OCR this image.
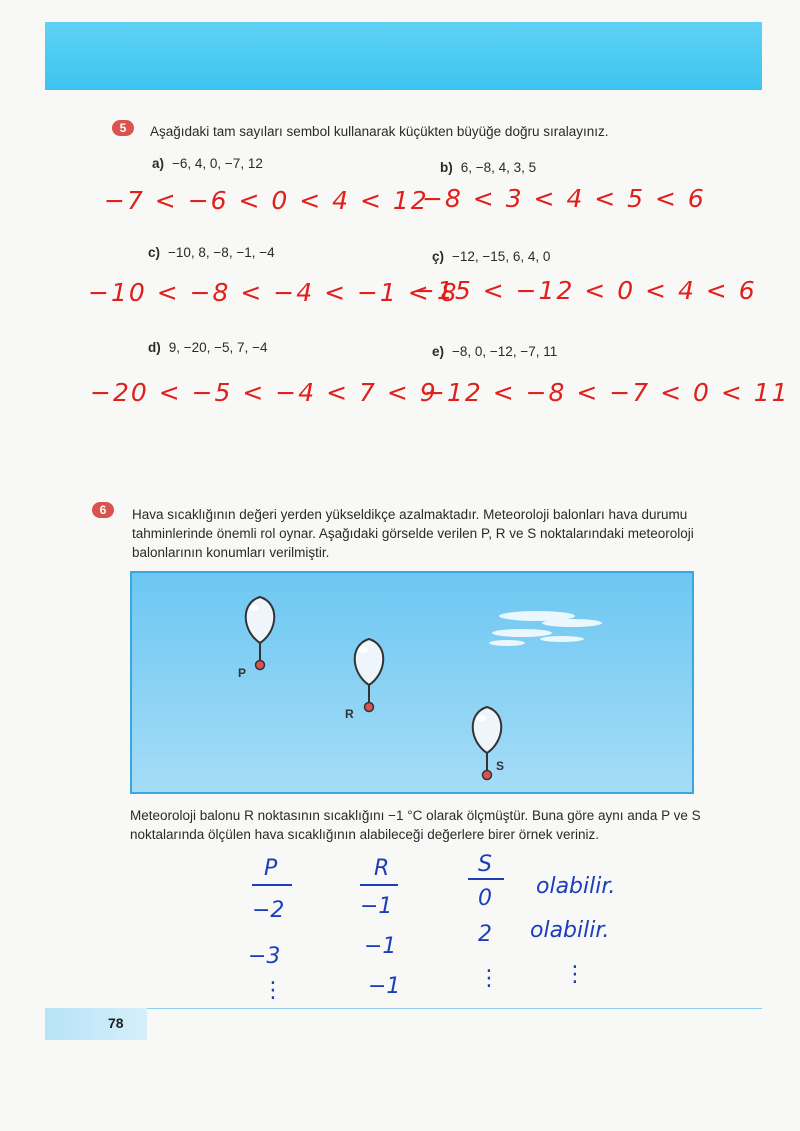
5	Aşağıdaki tam sayıları sembol kullanarak küçükten büyüğe doğru sıralayınız.
a) −6, 4, 0, −7, 12
−7 < −6 < 0 < 4 < 12
b) 6, −8, 4, 3, 5
−8 < 3 < 4 < 5 < 6
c) −10, 8, −8, −1, −4
−10 < −8 < −4 < −1 < 8
ç) −12, −15, 6, 4, 0
−15 < −12 < 0 < 4 < 6
d) 9, −20, −5, 7, −4
−20 < −5 < −4 < 7 < 9
e) −8, 0, −12, −7, 11
−12 < −8 < −7 < 0 < 11
6	Hava sıcaklığının değeri yerden yükseldikçe azalmaktadır. Meteoroloji balonları hava durumu tahminlerinde önemli rol oynar. Aşağıdaki görselde verilen P, R ve S noktalarındaki meteoroloji balonlarının konumları verilmiştir.
P
R
S
Meteoroloji balonu R noktasının sıcaklığını −1 °C olarak ölçmüştür. Buna göre aynı anda P ve S noktalarında ölçülen hava sıcaklığının alabileceği değerlere birer örnek veriniz.
P	R	S
−2	−1	0 olabilir.
−3	−1	2 olabilir.
⋮	−1	⋮	⋮
78
